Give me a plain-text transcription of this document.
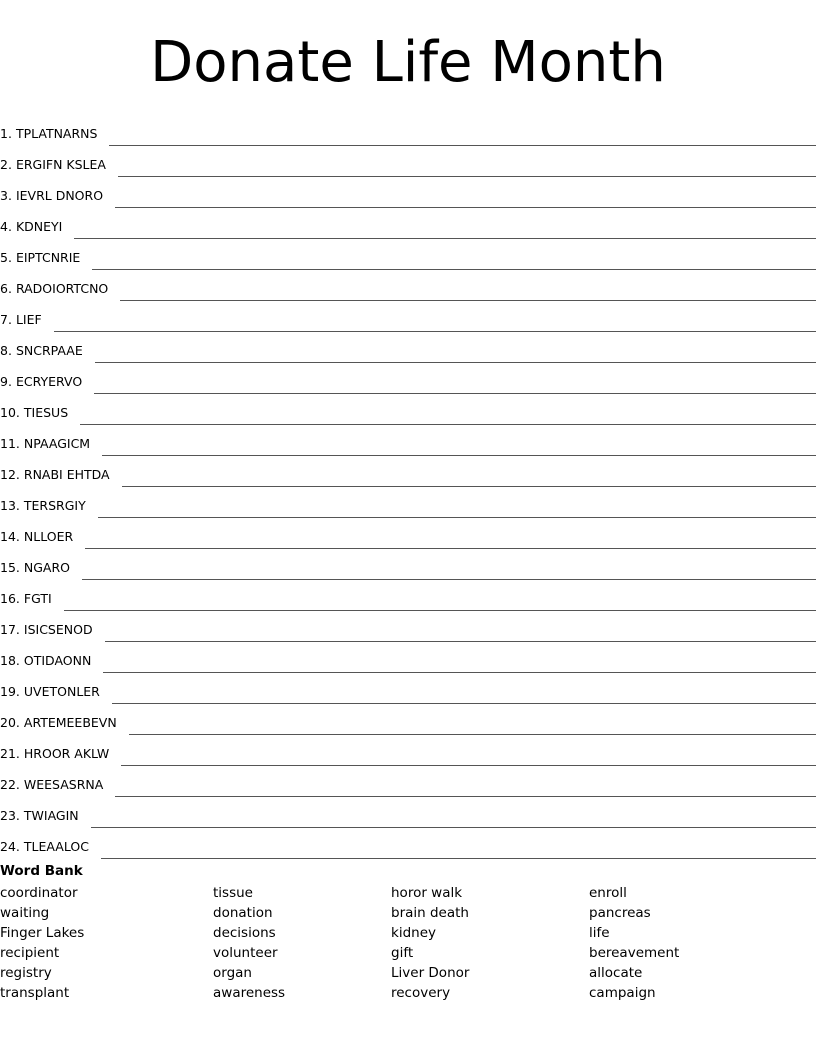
Donate Life Month
1. TPLATNARNS
2. ERGIFN KSLEA
3. IEVRL DNORO
4. KDNEYI
5. EIPTCNRIE
6. RADOIORTCNO
7. LIEF
8. SNCRPAAE
9. ECRYERVO
10. TIESUS
11. NPAAGICM
12. RNABI EHTDA
13. TERSRGIY
14. NLLOER
15. NGARO
16. FGTI
17. ISICSENOD
18. OTIDAONN
19. UVETONLER
20. ARTEMEEBEVN
21. HROOR AKLW
22. WEESASRNA
23. TWIAGIN
24. TLEAALOC
Word Bank
coordinator
waiting
Finger Lakes
recipient
registry
transplant
tissue
donation
decisions
volunteer
organ
awareness
horor walk
brain death
kidney
gift
Liver Donor
recovery
enroll
pancreas
life
bereavement
allocate
campaign
